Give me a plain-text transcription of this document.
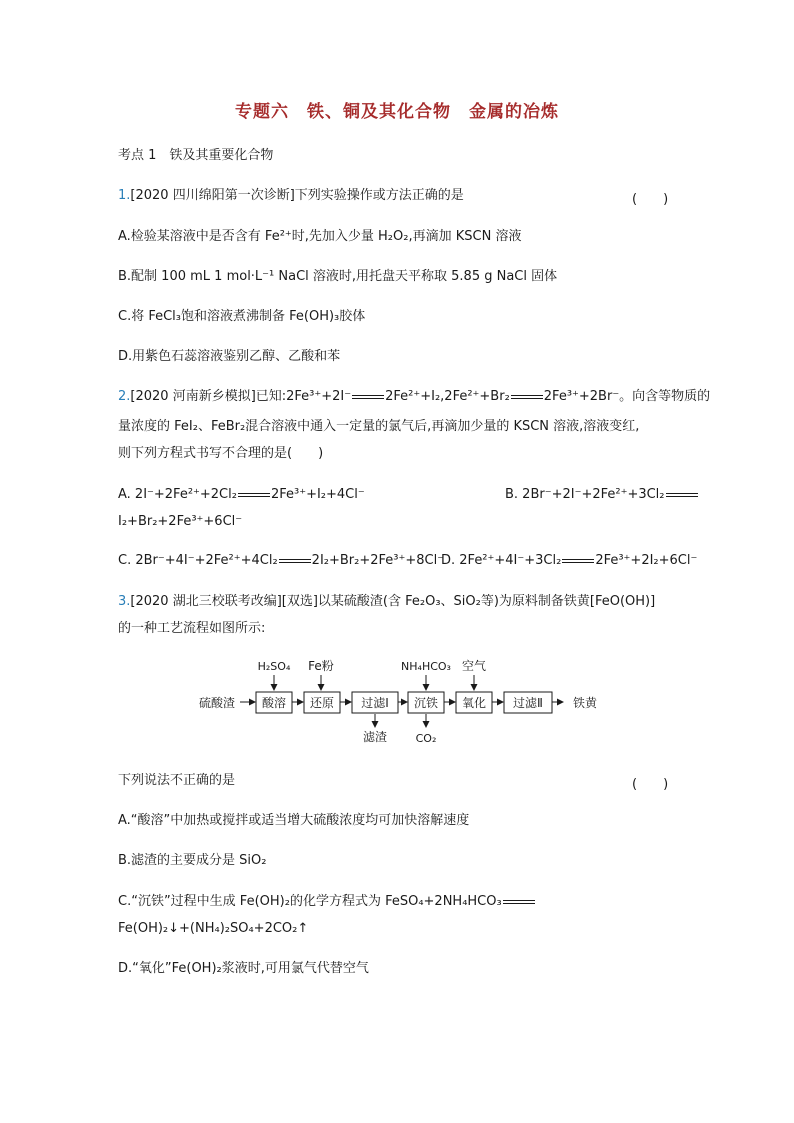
专题六　铁、铜及其化合物　金属的冶炼
考点 1　铁及其重要化合物
1.[2020 四川绵阳第一次诊断]下列实验操作或方法正确的是	(　　)
A.检验某溶液中是否含有 Fe²⁺时,先加入少量 H₂O₂,再滴加 KSCN 溶液
B.配制 100 mL 1 mol·L⁻¹ NaCl 溶液时,用托盘天平称取 5.85 g NaCl 固体
C.将 FeCl₃饱和溶液煮沸制备 Fe(OH)₃胶体
D.用紫色石蕊溶液鉴别乙醇、乙酸和苯
2.[2020 河南新乡模拟]已知:2Fe³⁺+2I⁻	2Fe²⁺+I₂,2Fe²⁺+Br₂	2Fe³⁺+2Br⁻。向含等物质的
量浓度的 FeI₂、FeBr₂混合溶液中通入一定量的氯气后,再滴加少量的 KSCN 溶液,溶液变红,
则下列方程式书写不合理的是(　　)
A. 2I⁻+2Fe²⁺+2Cl₂	2Fe³⁺+I₂+4Cl⁻	B. 2Br⁻+2I⁻+2Fe²⁺+3Cl₂
I₂+Br₂+2Fe³⁺+6Cl⁻
C. 2Br⁻+4I⁻+2Fe²⁺+4Cl₂	2I₂+Br₂+2Fe³⁺+8Cl⁻
D. 2Fe²⁺+4I⁻+3Cl₂	2Fe³⁺+2I₂+6Cl⁻
3.[2020 湖北三校联考改编][双选]以某硫酸渣(含 Fe₂O₃、SiO₂等)为原料制备铁黄[FeO(OH)]
的一种工艺流程如图所示:
硫酸渣 酸溶 还原 过滤Ⅰ 沉铁 氧化 过滤Ⅱ	铁黄
H₂SO₄ Fe粉	NH₄HCO₃ 空气
滤渣	CO₂
下列说法不正确的是	(　　)
A.“酸溶”中加热或搅拌或适当增大硫酸浓度均可加快溶解速度
B.滤渣的主要成分是 SiO₂
C.“沉铁”过程中生成 Fe(OH)₂的化学方程式为 FeSO₄+2NH₄HCO₃
Fe(OH)₂↓+(NH₄)₂SO₄+2CO₂↑
D.“氧化”Fe(OH)₂浆液时,可用氯气代替空气
